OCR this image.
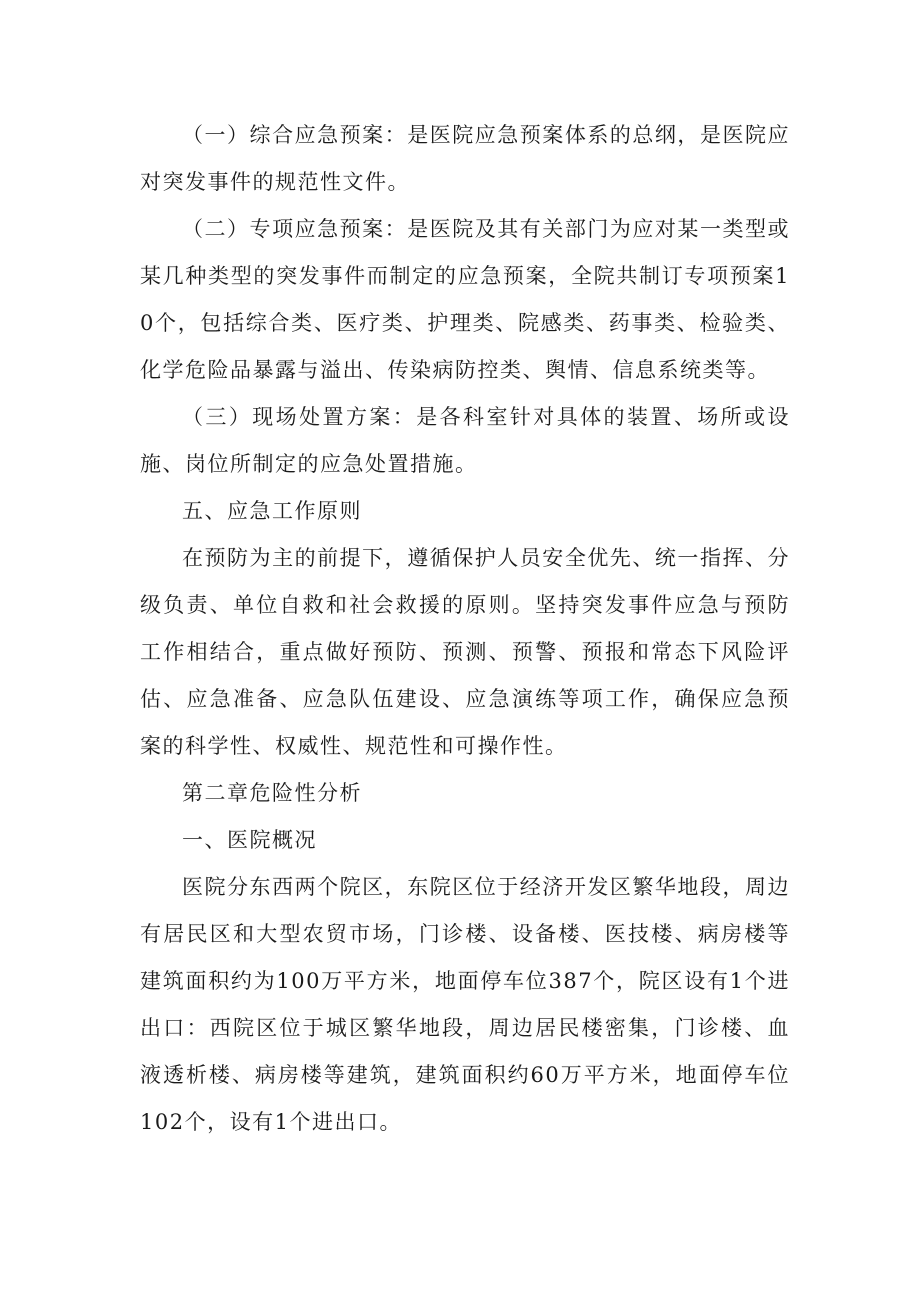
（一）综合应急预案：是医院应急预案体系的总纲，是医院应对突发事件的规范性文件。

（二）专项应急预案：是医院及其有关部门为应对某一类型或某几种类型的突发事件而制定的应急预案，全院共制订专项预案10个，包括综合类、医疗类、护理类、院感类、药事类、检验类、化学危险品暴露与溢出、传染病防控类、舆情、信息系统类等。

（三）现场处置方案：是各科室针对具体的装置、场所或设施、岗位所制定的应急处置措施。

五、应急工作原则

在预防为主的前提下，遵循保护人员安全优先、统一指挥、分级负责、单位自救和社会救援的原则。坚持突发事件应急与预防工作相结合，重点做好预防、预测、预警、预报和常态下风险评估、应急准备、应急队伍建设、应急演练等项工作，确保应急预案的科学性、权威性、规范性和可操作性。

第二章危险性分析

一、医院概况

医院分东西两个院区，东院区位于经济开发区繁华地段，周边有居民区和大型农贸市场，门诊楼、设备楼、医技楼、病房楼等建筑面积约为100万平方米，地面停车位387个，院区设有1个进出口：西院区位于城区繁华地段，周边居民楼密集，门诊楼、血液透析楼、病房楼等建筑，建筑面积约60万平方米，地面停车位102个，设有1个进出口。
